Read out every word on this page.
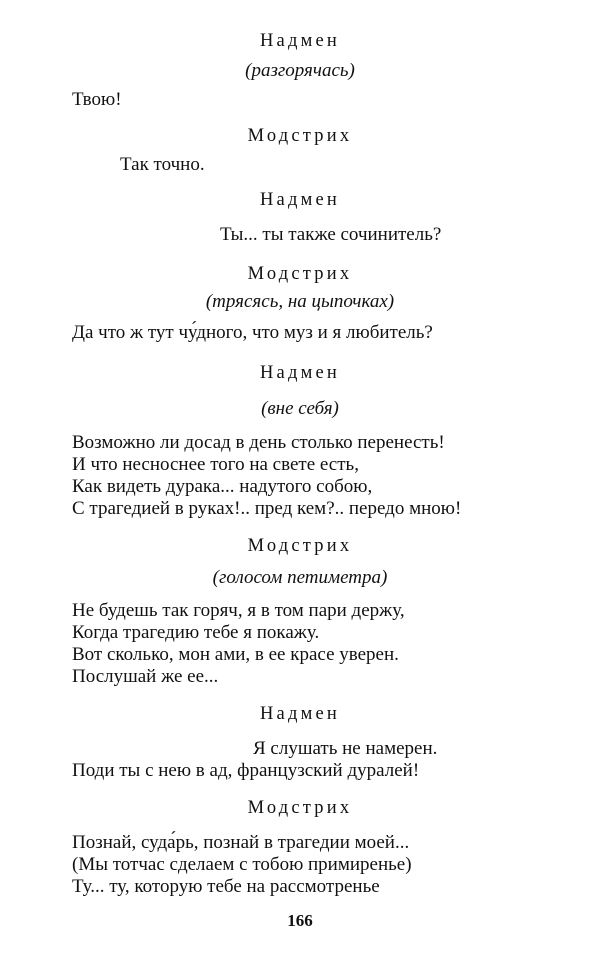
Надмен
(разгорячась)
Твою!
Модстрих
Так точно.
Надмен
Ты... ты также сочинитель?
Модстрих
(трясясь, на цыпочках)
Да что ж тут чу́дного, что муз и я любитель?
Надмен
(вне себя)
Возможно ли досад в день столько перенесть!
И что несноснее того на свете есть,
Как видеть дурака... надутого собою,
С трагедией в руках!.. пред кем?.. передо мною!
Модстрих
(голосом петиметра)
Не будешь так горяч, я в том пари держу,
Когда трагедию тебе я покажу.
Вот сколько, мон ами, в ее красе уверен.
Послушай же ее...
Надмен
Я слушать не намерен.
Поди ты с нею в ад, французский дуралей!
Модстрих
Познай, суда́рь, познай в трагедии моей...
(Мы тотчас сделаем с тобою примиренье)
Ту... ту, которую тебе на рассмотренье
166
